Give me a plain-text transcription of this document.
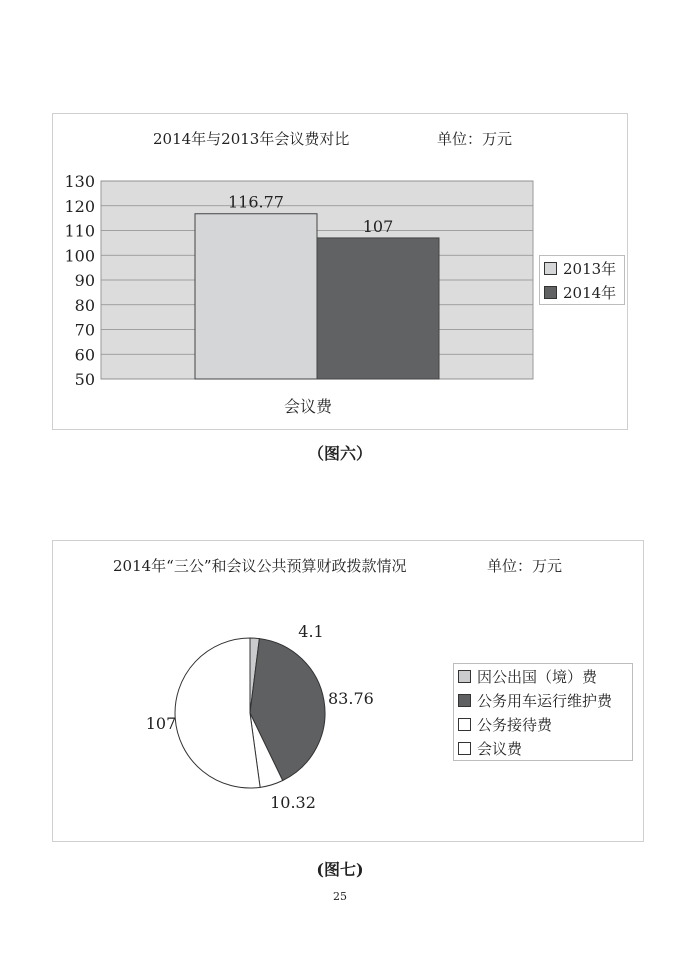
2014年与2013年会议费对比	单位：万元
130
120
110
100
90
80
70
60
50
116.77
107
会议费
2013年
2014年
（图六）
2014年“三公”和会议公共预算财政拨款情况	单位：万元
4.1
83.76
10.32
107
因公出国（境）费
公务用车运行维护费
公务接待费
会议费
(图七)
25
